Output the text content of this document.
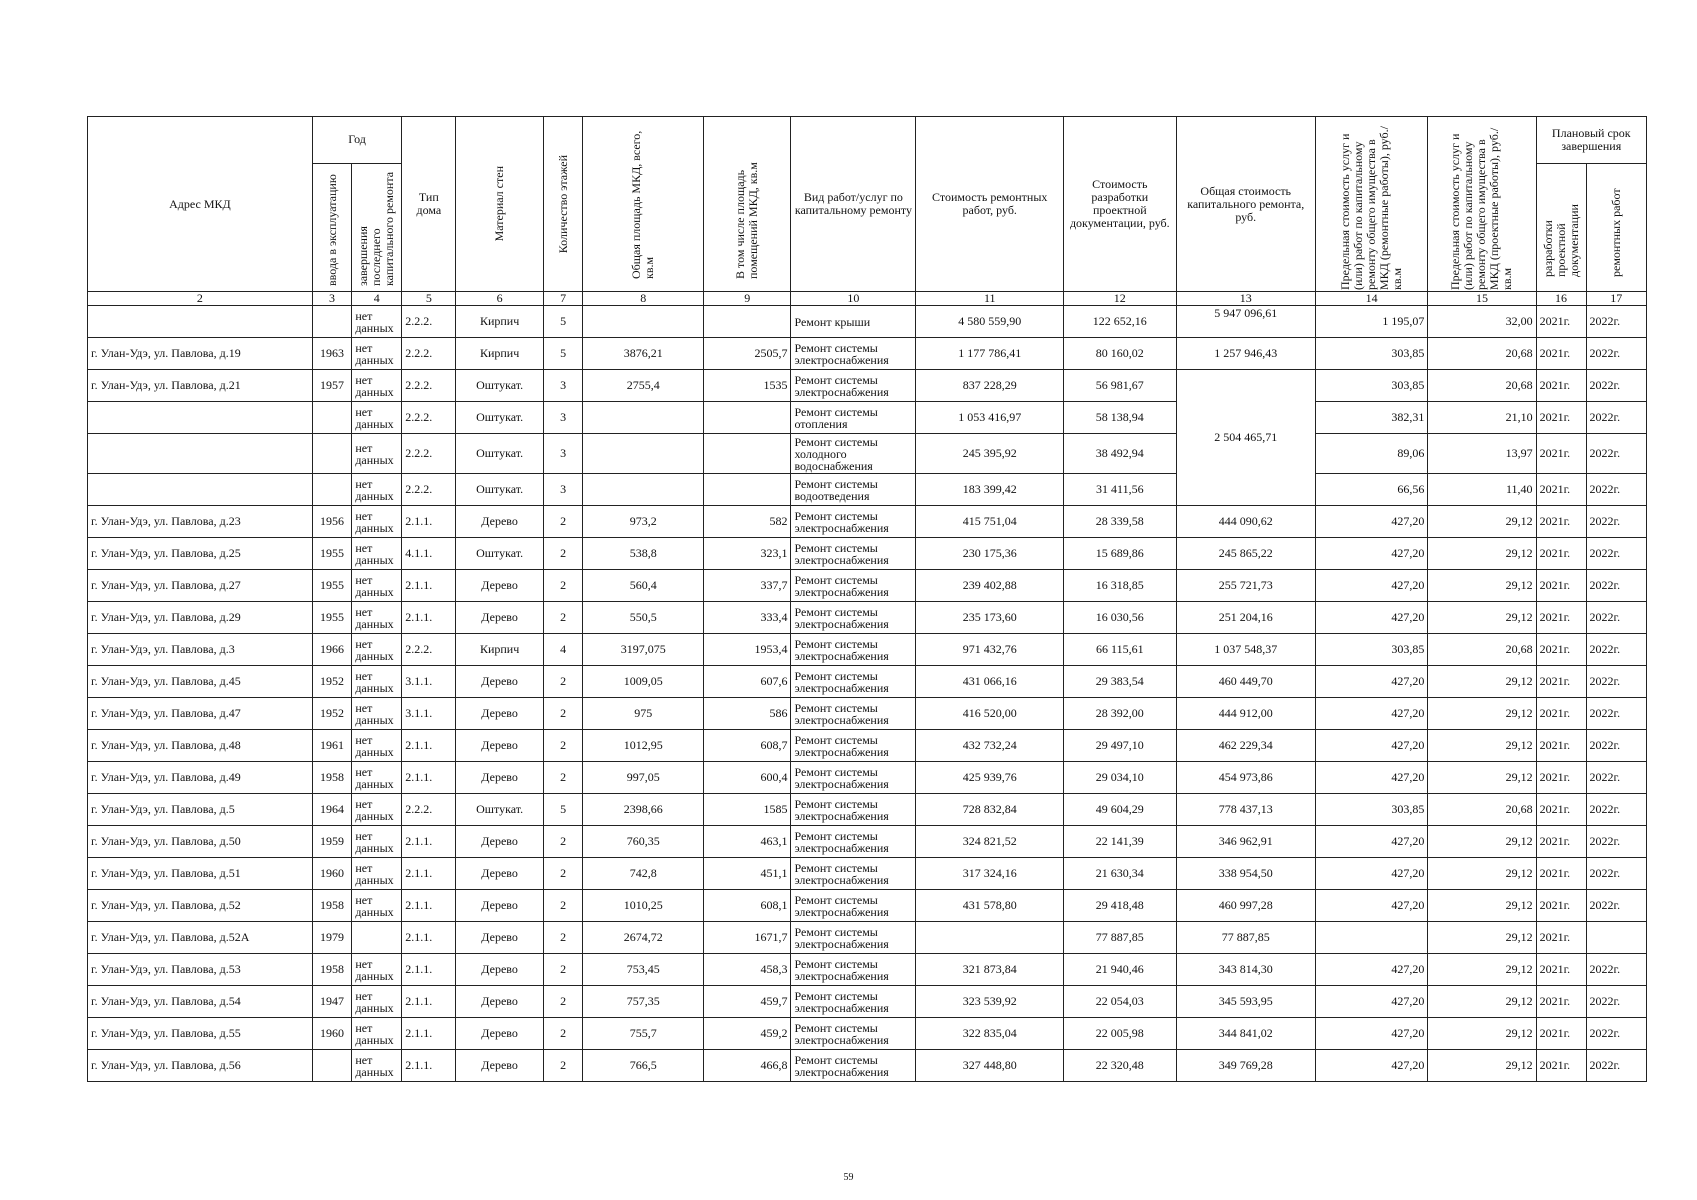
Адрес МКД	Год		Тип дома	Материал стен	Количество этажей	Общая площадь МКД, всего, кв.м	В том числе площадь помещений МКД, кв.м	Вид работ/услуг по капитальному ремонту	Стоимость ремонтных работ, руб.	Стоимость разработки проектной документации, руб.	Общая стоимость капитального ремонта, руб.	Предельная стоимость услуг и (или) работ по капитальному ремонту общего имущества в МКД (ремонтные работы), руб./кв.м	Предельная стоимость услуг и (или) работ по капитальному ремонту общего имущества в МКД (проектные работы), руб./кв.м	Плановый срок завершения	

	ввода в эксплуатацию	завершения последнего капитального ремонта												разработки проектной документации	ремонтных работ

2	3	4	5	6	7	8	9	10	11	12	13	14	15	16	17
		нет данных	2.2.2.	Кирпич	5			Ремонт крыши	4 580 559,90	122 652,16	5 947 096,61	1 195,07	32,00	2021г.	2022г.
г. Улан-Удэ, ул. Павлова, д.19	1963	нет данных	2.2.2.	Кирпич	5	3876,21	2505,7	Ремонт системы электроснабжения	1 177 786,41	80 160,02	1 257 946,43	303,85	20,68	2021г.	2022г.
г. Улан-Удэ, ул. Павлова, д.21	1957	нет данных	2.2.2.	Оштукат.	3	2755,4	1535	Ремонт системы электроснабжения	837 228,29	56 981,67	2 504 465,71	303,85	20,68	2021г.	2022г.
		нет данных	2.2.2.	Оштукат.	3			Ремонт системы отопления	1 053 416,97	58 138,94		382,31	21,10	2021г.	2022г.
		нет данных	2.2.2.	Оштукат.	3			Ремонт системы холодного водоснабжения	245 395,92	38 492,94		89,06	13,97	2021г.	2022г.
		нет данных	2.2.2.	Оштукат.	3			Ремонт системы водоотведения	183 399,42	31 411,56		66,56	11,40	2021г.	2022г.
г. Улан-Удэ, ул. Павлова, д.23	1956	нет данных	2.1.1.	Дерево	2	973,2	582	Ремонт системы электроснабжения	415 751,04	28 339,58	444 090,62	427,20	29,12	2021г.	2022г.
г. Улан-Удэ, ул. Павлова, д.25	1955	нет данных	4.1.1.	Оштукат.	2	538,8	323,1	Ремонт системы электроснабжения	230 175,36	15 689,86	245 865,22	427,20	29,12	2021г.	2022г.
г. Улан-Удэ, ул. Павлова, д.27	1955	нет данных	2.1.1.	Дерево	2	560,4	337,7	Ремонт системы электроснабжения	239 402,88	16 318,85	255 721,73	427,20	29,12	2021г.	2022г.
г. Улан-Удэ, ул. Павлова, д.29	1955	нет данных	2.1.1.	Дерево	2	550,5	333,4	Ремонт системы электроснабжения	235 173,60	16 030,56	251 204,16	427,20	29,12	2021г.	2022г.
г. Улан-Удэ, ул. Павлова, д.3	1966	нет данных	2.2.2.	Кирпич	4	3197,075	1953,4	Ремонт системы электроснабжения	971 432,76	66 115,61	1 037 548,37	303,85	20,68	2021г.	2022г.
г. Улан-Удэ, ул. Павлова, д.45	1952	нет данных	3.1.1.	Дерево	2	1009,05	607,6	Ремонт системы электроснабжения	431 066,16	29 383,54	460 449,70	427,20	29,12	2021г.	2022г.
г. Улан-Удэ, ул. Павлова, д.47	1952	нет данных	3.1.1.	Дерево	2	975	586	Ремонт системы электроснабжения	416 520,00	28 392,00	444 912,00	427,20	29,12	2021г.	2022г.
г. Улан-Удэ, ул. Павлова, д.48	1961	нет данных	2.1.1.	Дерево	2	1012,95	608,7	Ремонт системы электроснабжения	432 732,24	29 497,10	462 229,34	427,20	29,12	2021г.	2022г.
г. Улан-Удэ, ул. Павлова, д.49	1958	нет данных	2.1.1.	Дерево	2	997,05	600,4	Ремонт системы электроснабжения	425 939,76	29 034,10	454 973,86	427,20	29,12	2021г.	2022г.
г. Улан-Удэ, ул. Павлова, д.5	1964	нет данных	2.2.2.	Оштукат.	5	2398,66	1585	Ремонт системы электроснабжения	728 832,84	49 604,29	778 437,13	303,85	20,68	2021г.	2022г.
г. Улан-Удэ, ул. Павлова, д.50	1959	нет данных	2.1.1.	Дерево	2	760,35	463,1	Ремонт системы электроснабжения	324 821,52	22 141,39	346 962,91	427,20	29,12	2021г.	2022г.
г. Улан-Удэ, ул. Павлова, д.51	1960	нет данных	2.1.1.	Дерево	2	742,8	451,1	Ремонт системы электроснабжения	317 324,16	21 630,34	338 954,50	427,20	29,12	2021г.	2022г.
г. Улан-Удэ, ул. Павлова, д.52	1958	нет данных	2.1.1.	Дерево	2	1010,25	608,1	Ремонт системы электроснабжения	431 578,80	29 418,48	460 997,28	427,20	29,12	2021г.	2022г.
г. Улан-Удэ, ул. Павлова, д.52А	1979		2.1.1.	Дерево	2	2674,72	1671,7	Ремонт системы электроснабжения		77 887,85	77 887,85		29,12	2021г.	
г. Улан-Удэ, ул. Павлова, д.53	1958	нет данных	2.1.1.	Дерево	2	753,45	458,3	Ремонт системы электроснабжения	321 873,84	21 940,46	343 814,30	427,20	29,12	2021г.	2022г.
г. Улан-Удэ, ул. Павлова, д.54	1947	нет данных	2.1.1.	Дерево	2	757,35	459,7	Ремонт системы электроснабжения	323 539,92	22 054,03	345 593,95	427,20	29,12	2021г.	2022г.
г. Улан-Удэ, ул. Павлова, д.55	1960	нет данных	2.1.1.	Дерево	2	755,7	459,2	Ремонт системы электроснабжения	322 835,04	22 005,98	344 841,02	427,20	29,12	2021г.	2022г.
г. Улан-Удэ, ул. Павлова, д.56		нет данных	2.1.1.	Дерево	2	766,5	466,8	Ремонт системы электроснабжения	327 448,80	22 320,48	349 769,28	427,20	29,12	2021г.	2022г.
59
